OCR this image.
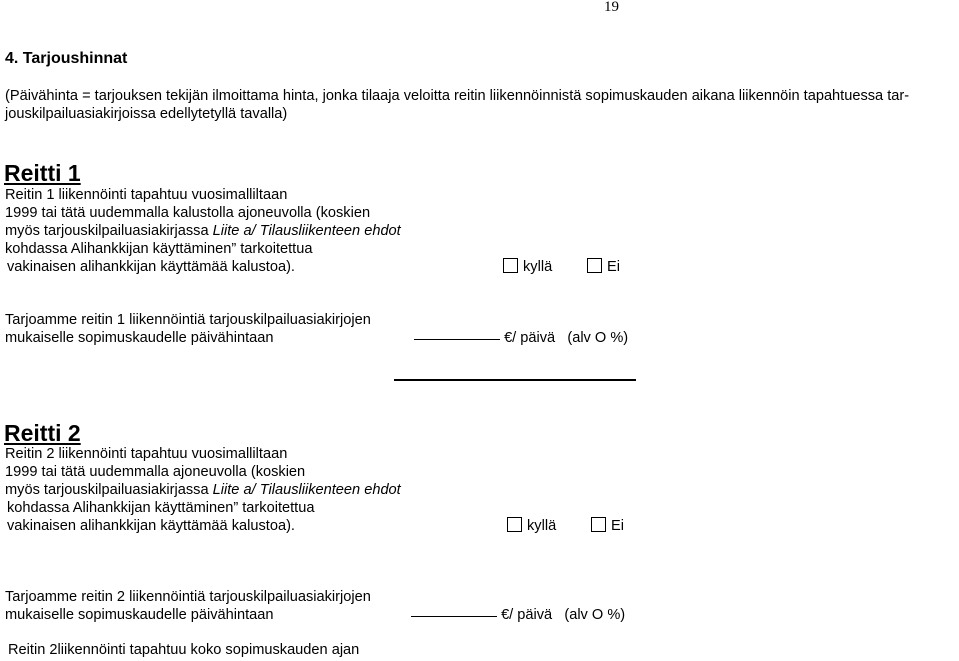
19
4. Tarjoushinnat
(Päivähinta = tarjouksen tekijän ilmoittama hinta, jonka tilaaja veloitta reitin liikennöinnistä sopimuskauden aikana liikennöin tapahtuessa tar-
jouskilpailuasiakirjoissa edellytetyllä tavalla)
Reitti 1
Reitin 1 liikennöinti tapahtuu vuosimalliltaan
1999 tai tätä uudemmalla kalustolla ajoneuvolla (koskien
myös tarjouskilpailuasiakirjassa Liite a/ Tilausliikenteen ehdot
kohdassa Alihankkijan käyttäminen” tarkoitettua
vakinaisen alihankkijan käyttämää kalustoa).	kyllä	Ei
Tarjoamme reitin 1 liikennöintiä tarjouskilpailuasiakirjojen
mukaiselle sopimuskaudelle päivähintaan	€/ päivä   (alv O %)
Reitti 2
Reitin 2 liikennöinti tapahtuu vuosimalliltaan
1999 tai tätä uudemmalla ajoneuvolla (koskien
myös tarjouskilpailuasiakirjassa Liite a/ Tilausliikenteen ehdot
kohdassa Alihankkijan käyttäminen” tarkoitettua
vakinaisen alihankkijan käyttämää kalustoa).	kyllä	Ei
Tarjoamme reitin 2 liikennöintiä tarjouskilpailuasiakirjojen
mukaiselle sopimuskaudelle päivähintaan	€/ päivä   (alv O %)
Reitin 2liikennöinti tapahtuu koko sopimuskauden ajan
